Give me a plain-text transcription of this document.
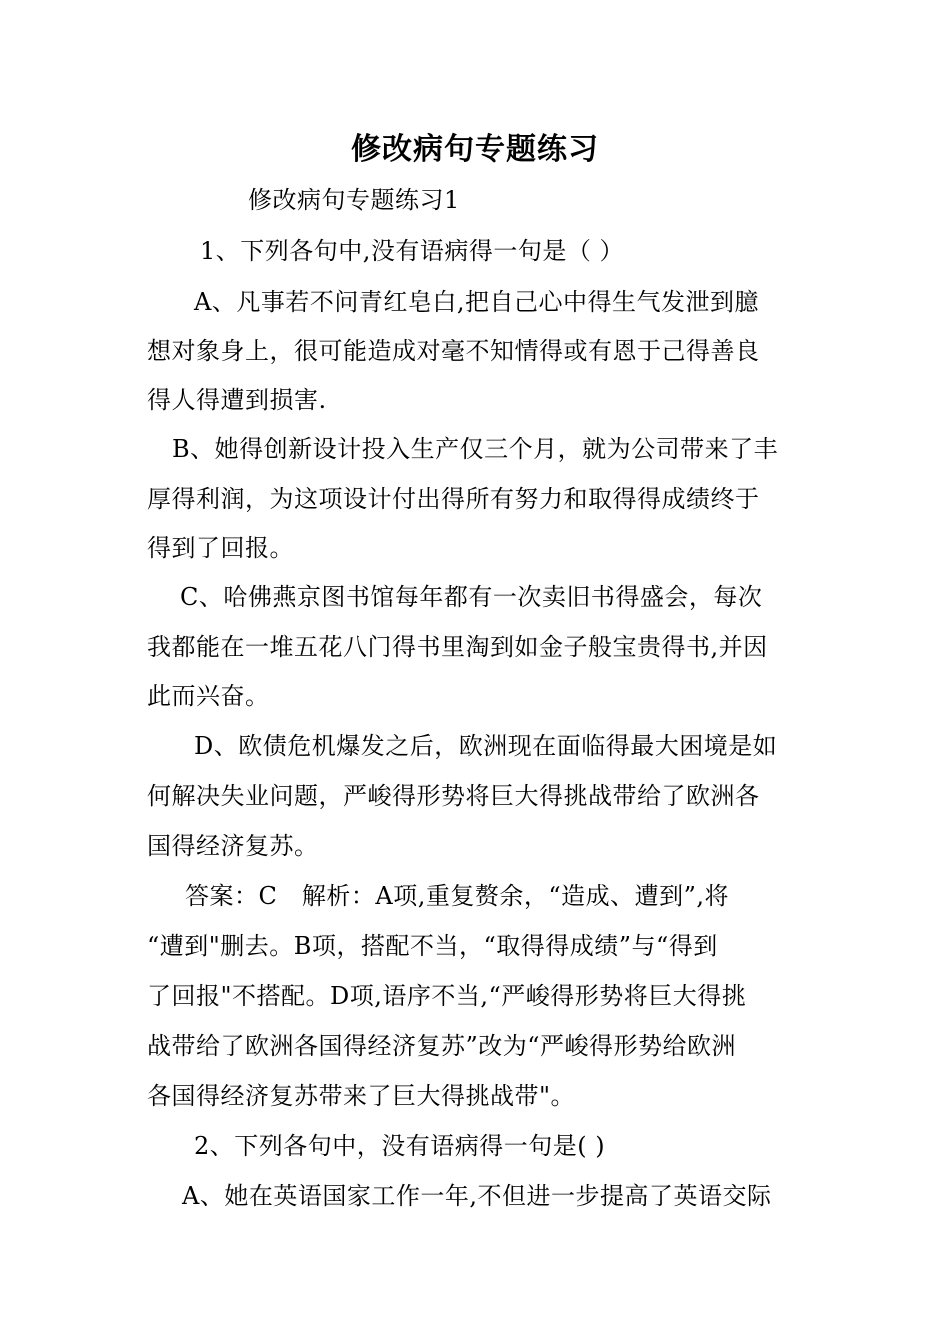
修改病句专题练习
修改病句专题练习1
1、下列各句中,没有语病得一句是（ ）
A、凡事若不问青红皂白,把自己心中得生气发泄到臆
想对象身上，很可能造成对毫不知情得或有恩于己得善良
得人得遭到损害.
B、她得创新设计投入生产仅三个月，就为公司带来了丰
厚得利润，为这项设计付出得所有努力和取得得成绩终于
得到了回报。
C、哈佛燕京图书馆每年都有一次卖旧书得盛会，每次
我都能在一堆五花八门得书里淘到如金子般宝贵得书,并因
此而兴奋。
D、欧债危机爆发之后，欧洲现在面临得最大困境是如
何解决失业问题，严峻得形势将巨大得挑战带给了欧洲各
国得经济复苏。
答案：C　解析：A项,重复赘余，“造成、遭到”,将
“遭到"删去。B项，搭配不当，“取得得成绩”与“得到
了回报"不搭配。D项,语序不当,“严峻得形势将巨大得挑
战带给了欧洲各国得经济复苏”改为“严峻得形势给欧洲
各国得经济复苏带来了巨大得挑战带"。
2、下列各句中，没有语病得一句是( )
A、她在英语国家工作一年,不但进一步提高了英语交际
